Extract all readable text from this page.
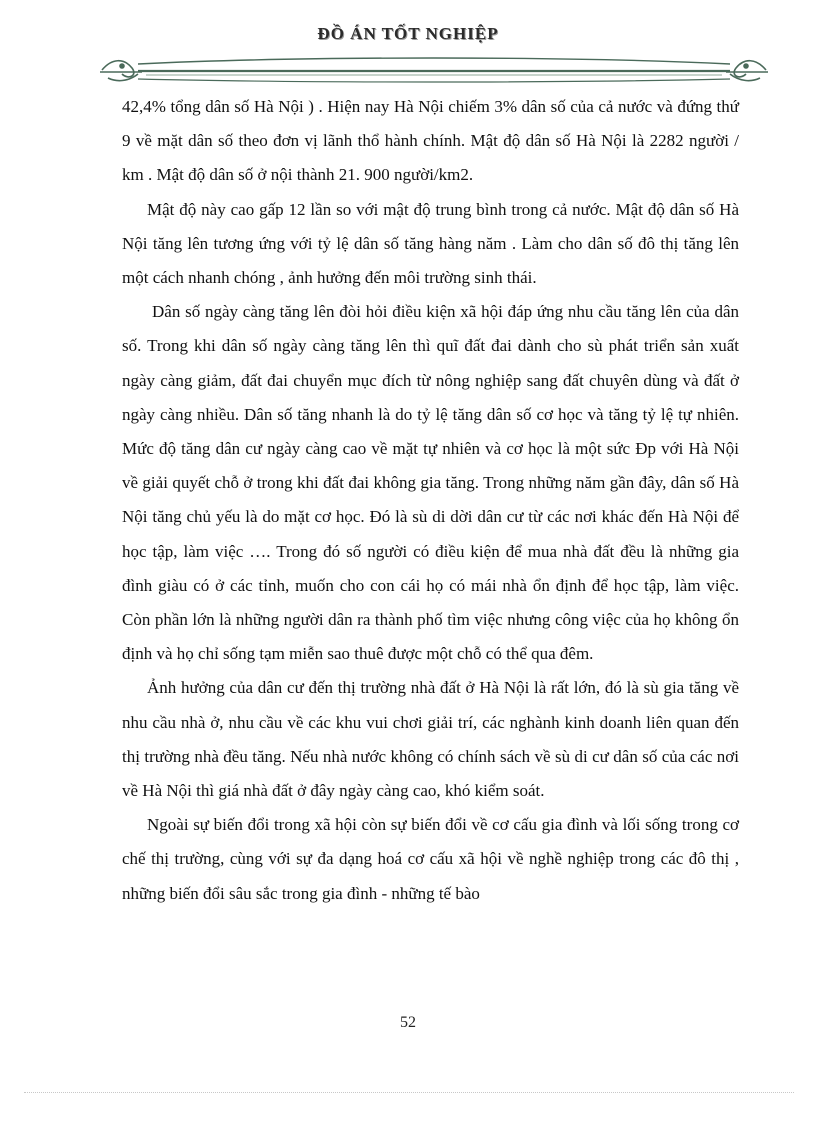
ĐỒ ÁN TỐT NGHIỆP

42,4% tổng dân số Hà Nội ) . Hiện nay Hà Nội chiếm 3% dân số của cả nước và đứng thứ 9 về mặt dân số theo đơn vị lãnh thổ hành chính. Mật độ dân số Hà Nội là 2282 người / km . Mật độ dân số ở nội thành 21. 900 người/km2.

Mật độ này cao gấp 12 lần so với mật độ trung bình trong cả nước. Mật độ dân số Hà Nội tăng lên tương ứng với tỷ lệ dân số tăng hàng năm . Làm cho dân số đô thị tăng lên một cách nhanh chóng , ảnh hưởng đến môi trường sinh thái.

Dân số ngày càng tăng lên đòi hỏi điều kiện xã hội đáp ứng nhu cầu tăng lên của dân số. Trong khi dân số ngày càng tăng lên thì quĩ đất đai dành cho sù phát triển sản xuất ngày càng giảm, đất đai chuyển mục đích từ nông nghiệp sang đất chuyên dùng và đất ở ngày càng nhiều. Dân số tăng nhanh là do tỷ lệ tăng dân số cơ học và tăng tỷ lệ tự nhiên. Mức độ tăng dân cư ngày càng cao về mặt tự nhiên và cơ học là một sức Ðp với Hà Nội về giải quyết chỗ ở trong khi đất đai không gia tăng. Trong những năm gần đây, dân số Hà Nội tăng chủ yếu là do mặt cơ học. Đó là sù di dời dân cư từ các nơi khác đến Hà Nội để học tập, làm việc …. Trong đó số người có điều kiện để mua nhà đất đều là những gia đình giàu có ở các tỉnh, muốn cho con cái họ có mái nhà ổn định để học tập, làm việc. Còn phần lớn là những người dân ra thành phố tìm việc nhưng công việc của họ không ổn định và họ chỉ sống tạm miễn sao thuê được một chỗ có thể qua đêm.

Ảnh hưởng của dân cư đến thị trường nhà đất ở Hà Nội là rất lớn, đó là sù gia tăng về nhu cầu nhà ở, nhu cầu về các khu vui chơi giải trí, các nghành kinh doanh liên quan đến thị trường nhà đều tăng. Nếu nhà nước không có chính sách về sù di cư dân số của các nơi về Hà Nội thì giá nhà đất ở đây ngày càng cao, khó kiểm soát.

Ngoài sự biến đổi trong xã hội còn sự biến đổi về cơ cấu gia đình và lối sống trong cơ chế thị trường, cùng với sự đa dạng hoá cơ cấu xã hội về nghề nghiệp trong các đô thị , những biến đổi sâu sắc trong gia đình - những tế bào

52
